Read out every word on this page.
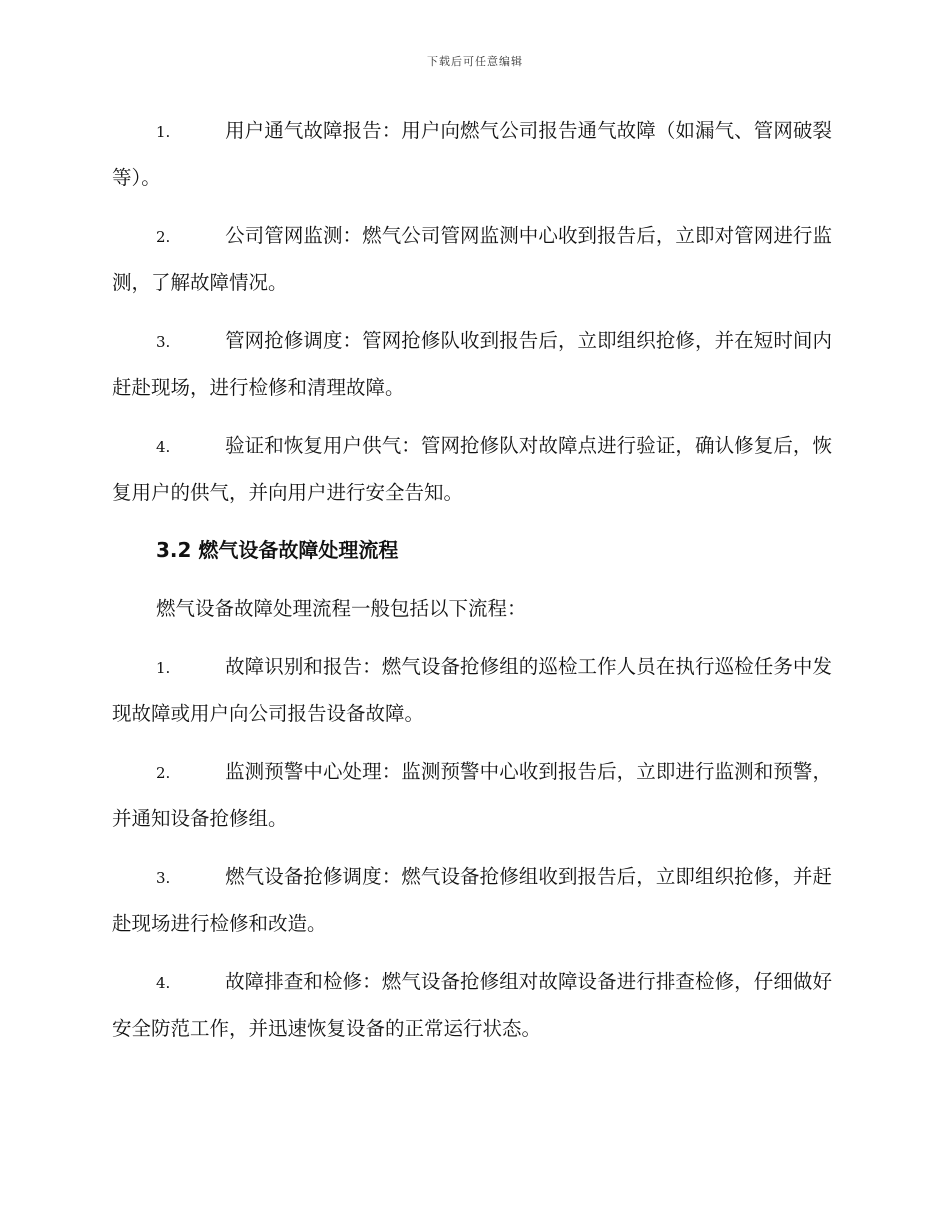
下载后可任意编辑

1.	用户通气故障报告：用户向燃气公司报告通气故障（如漏气、管网破裂等）。

2.	公司管网监测：燃气公司管网监测中心收到报告后，立即对管网进行监测，了解故障情况。

3.	管网抢修调度：管网抢修队收到报告后，立即组织抢修，并在短时间内赶赴现场，进行检修和清理故障。

4.	验证和恢复用户供气：管网抢修队对故障点进行验证，确认修复后，恢复用户的供气，并向用户进行安全告知。

3.2 燃气设备故障处理流程

燃气设备故障处理流程一般包括以下流程：

1.	故障识别和报告：燃气设备抢修组的巡检工作人员在执行巡检任务中发现故障或用户向公司报告设备故障。

2.	监测预警中心处理：监测预警中心收到报告后，立即进行监测和预警，并通知设备抢修组。

3.	燃气设备抢修调度：燃气设备抢修组收到报告后，立即组织抢修，并赶赴现场进行检修和改造。

4.	故障排查和检修：燃气设备抢修组对故障设备进行排查检修，仔细做好安全防范工作，并迅速恢复设备的正常运行状态。
